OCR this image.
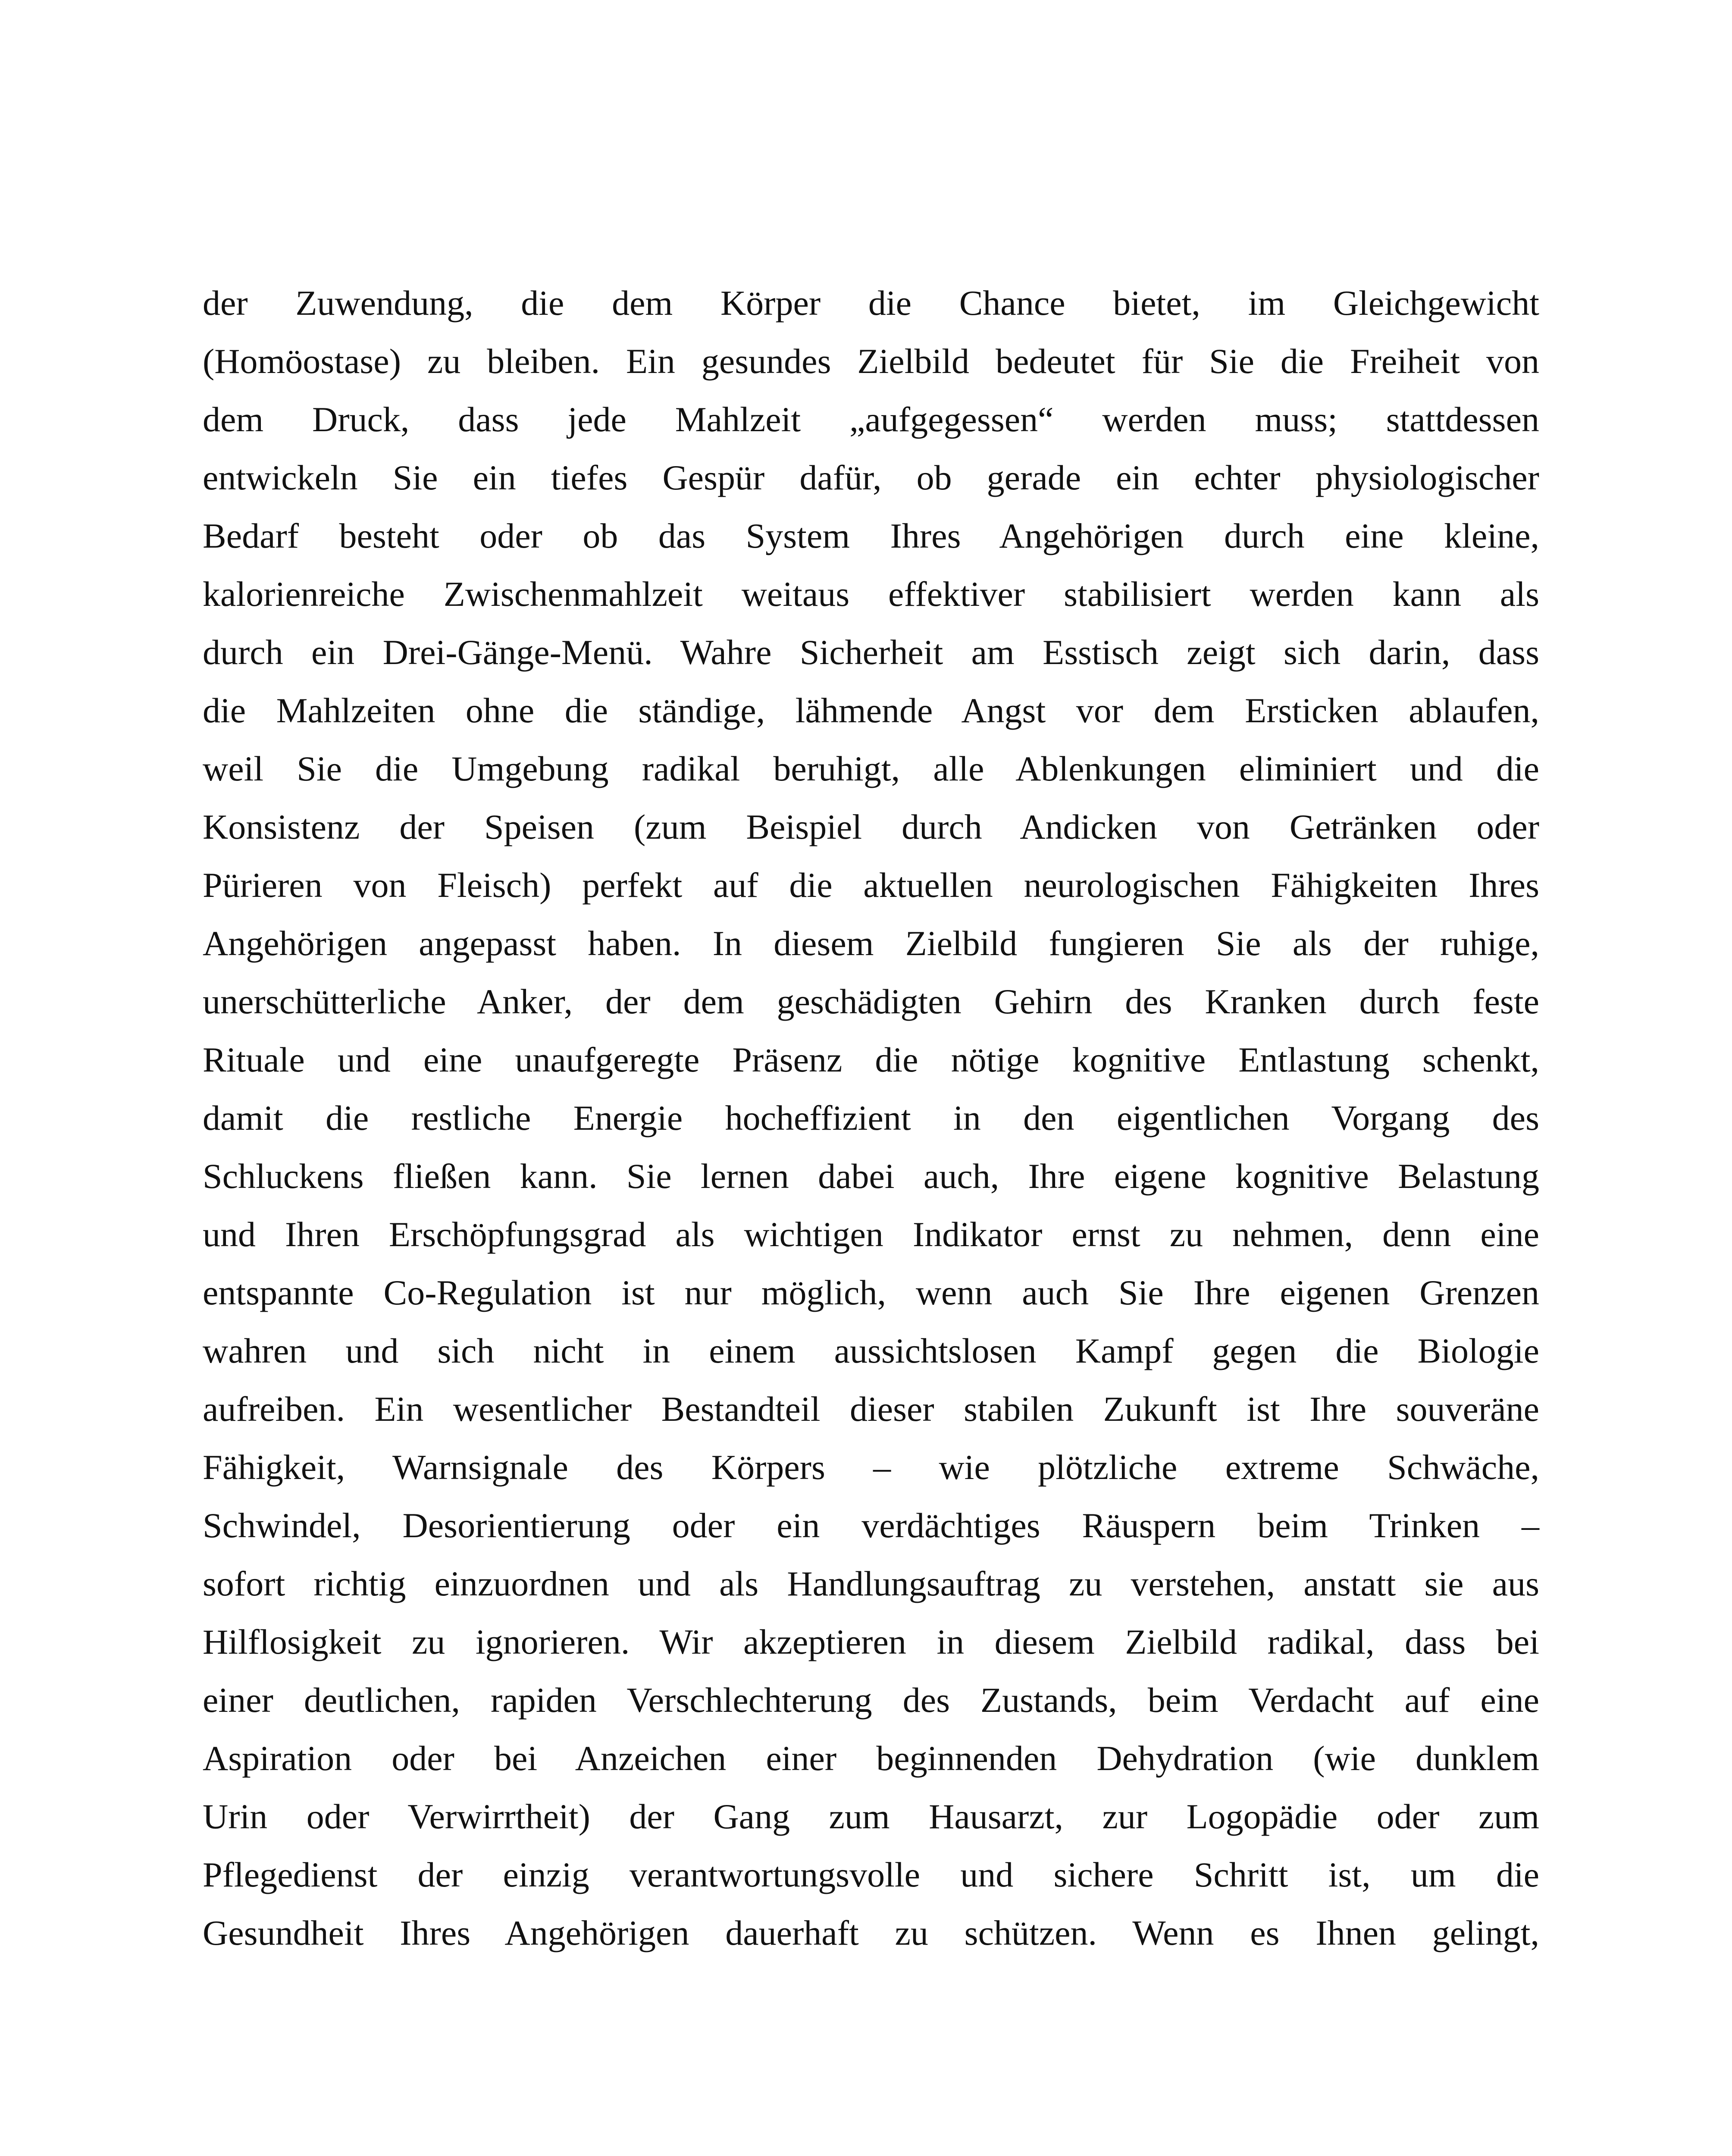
der Zuwendung, die dem Körper die Chance bietet, im Gleichgewicht
(Homöostase) zu bleiben. Ein gesundes Zielbild bedeutet für Sie die Freiheit von
dem Druck, dass jede Mahlzeit „aufgegessen“ werden muss; stattdessen
entwickeln Sie ein tiefes Gespür dafür, ob gerade ein echter physiologischer
Bedarf besteht oder ob das System Ihres Angehörigen durch eine kleine,
kalorienreiche Zwischenmahlzeit weitaus effektiver stabilisiert werden kann als
durch ein Drei-Gänge-Menü. Wahre Sicherheit am Esstisch zeigt sich darin, dass
die Mahlzeiten ohne die ständige, lähmende Angst vor dem Ersticken ablaufen,
weil Sie die Umgebung radikal beruhigt, alle Ablenkungen eliminiert und die
Konsistenz der Speisen (zum Beispiel durch Andicken von Getränken oder
Pürieren von Fleisch) perfekt auf die aktuellen neurologischen Fähigkeiten Ihres
Angehörigen angepasst haben. In diesem Zielbild fungieren Sie als der ruhige,
unerschütterliche Anker, der dem geschädigten Gehirn des Kranken durch feste
Rituale und eine unaufgeregte Präsenz die nötige kognitive Entlastung schenkt,
damit die restliche Energie hocheffizient in den eigentlichen Vorgang des
Schluckens fließen kann. Sie lernen dabei auch, Ihre eigene kognitive Belastung
und Ihren Erschöpfungsgrad als wichtigen Indikator ernst zu nehmen, denn eine
entspannte Co-Regulation ist nur möglich, wenn auch Sie Ihre eigenen Grenzen
wahren und sich nicht in einem aussichtslosen Kampf gegen die Biologie
aufreiben. Ein wesentlicher Bestandteil dieser stabilen Zukunft ist Ihre souveräne
Fähigkeit, Warnsignale des Körpers – wie plötzliche extreme Schwäche,
Schwindel, Desorientierung oder ein verdächtiges Räuspern beim Trinken –
sofort richtig einzuordnen und als Handlungsauftrag zu verstehen, anstatt sie aus
Hilflosigkeit zu ignorieren. Wir akzeptieren in diesem Zielbild radikal, dass bei
einer deutlichen, rapiden Verschlechterung des Zustands, beim Verdacht auf eine
Aspiration oder bei Anzeichen einer beginnenden Dehydration (wie dunklem
Urin oder Verwirrtheit) der Gang zum Hausarzt, zur Logopädie oder zum
Pflegedienst der einzig verantwortungsvolle und sichere Schritt ist, um die
Gesundheit Ihres Angehörigen dauerhaft zu schützen. Wenn es Ihnen gelingt,
